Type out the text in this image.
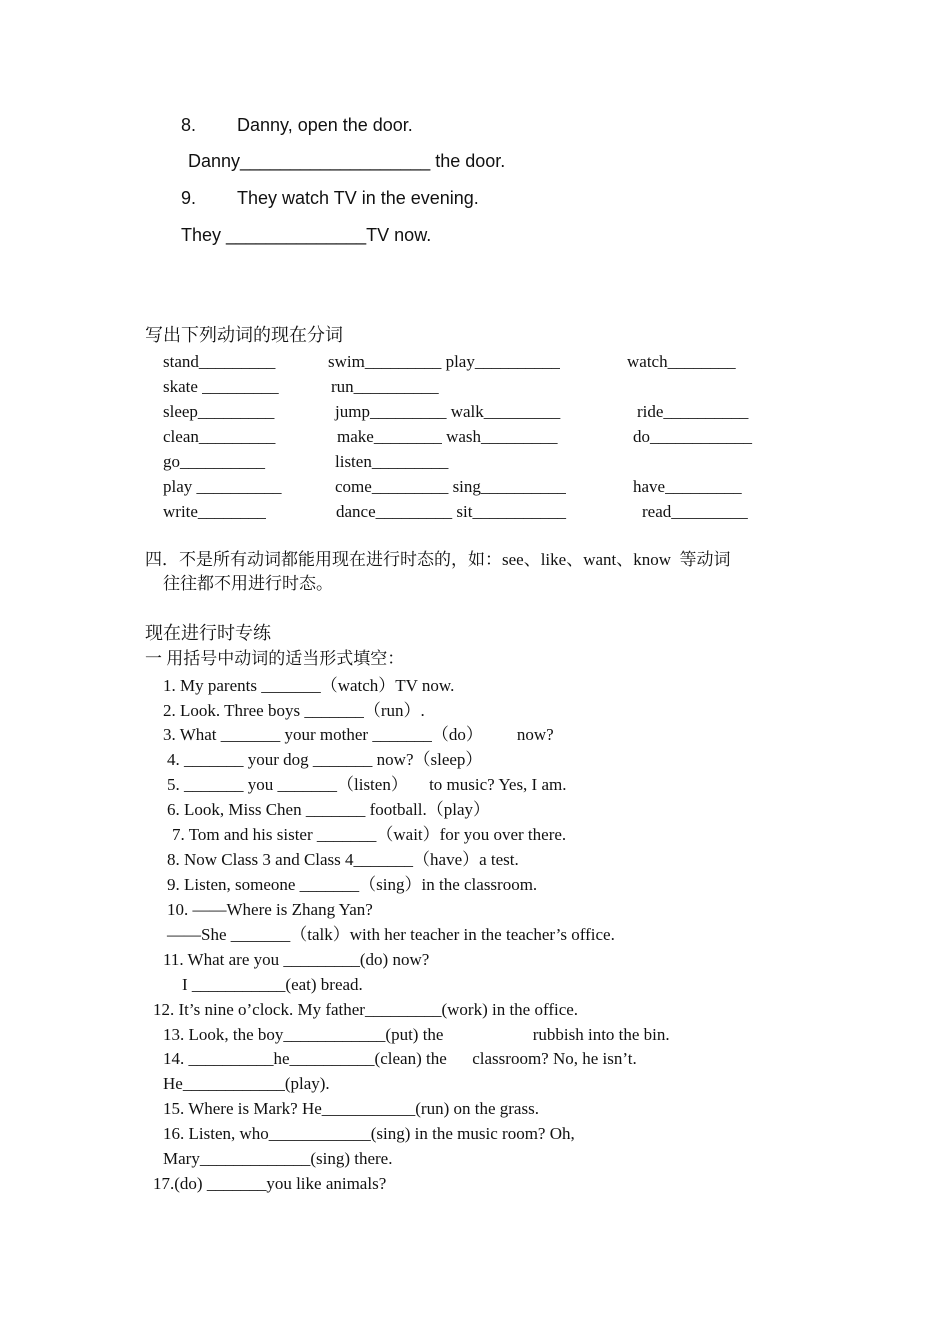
8. Danny, open the door.
Danny___________________ the door.
9. They watch TV in the evening.
They ______________TV now.
写出下列动词的现在分词
stand_________	swim_________ play__________	watch________
skate _________	run__________
sleep_________	jump_________ walk_________	ride__________
clean_________	make________ wash_________	do____________
go__________	listen_________
play __________	come_________ sing__________	have_________
write________	dance_________ sit___________	read_________
四．不是所有动词都能用现在进行时态的，如：see、like、want、know  等动词
往往都不用进行时态。
现在进行时专练
一 用括号中动词的适当形式填空：
1. My parents _______（watch）TV now.
2. Look. Three boys _______（run）.
3. What _______ your mother _______（do）        now?
4. _______ your dog _______ now?（sleep）
5. _______ you _______（listen）     to music? Yes, I am.
6. Look, Miss Chen _______ football.（play）
7. Tom and his sister _______（wait）for you over there.
8. Now Class 3 and Class 4_______（have）a test.
9. Listen, someone _______（sing）in the classroom.
10. ——Where is Zhang Yan?
——She _______（talk）with her teacher in the teacher’s office.
11. What are you _________(do) now?
I ___________(eat) bread.
12. It’s nine o’clock. My father_________(work) in the office.
13. Look, the boy____________(put) the                     rubbish into the bin.
14. __________he__________(clean) the      classroom? No, he isn’t.
He____________(play).
15. Where is Mark? He___________(run) on the grass.
16. Listen, who____________(sing) in the music room? Oh,
Mary_____________(sing) there.
17.(do) _______you like animals?
